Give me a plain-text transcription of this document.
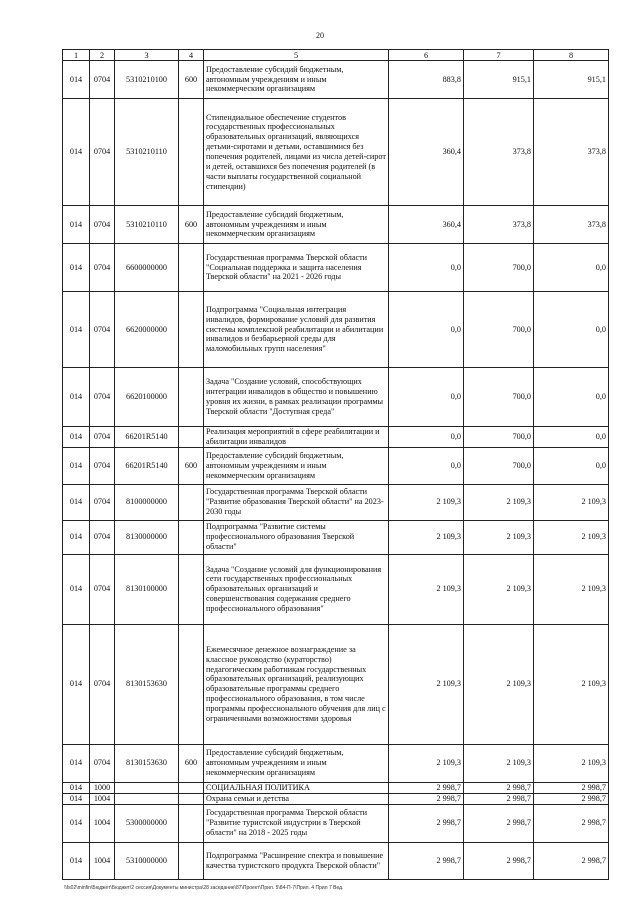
20
1	2	3	4	5	6	7	8
014	0704	5310210100	600	Предоставление субсидий бюджетным, автономным учреждениям и иным некоммерческим организациям	883,8	915,1	915,1
014	0704	5310210110		Стипендиальное обеспечение студентов государственных профессиональных образовательных организаций, являющихся детьми-сиротами и детьми, оставшимися без попечения родителей, лицами из числа детей-сирот и детей, оставшихся без попечения родителей (в части выплаты государственной социальной стипендии)	360,4	373,8	373,8
014	0704	5310210110	600	Предоставление субсидий бюджетным, автономным учреждениям и иным некоммерческим организациям	360,4	373,8	373,8
014	0704	6600000000		Государственная программа Тверской области "Социальная поддержка и защита населения Тверской области" на 2021 - 2026 годы	0,0	700,0	0,0
014	0704	6620000000		Подпрограмма "Социальная интеграция инвалидов, формирование условий для развития системы комплексной реабилитации и абилитации инвалидов и безбарьерной среды для маломобильных групп населения"	0,0	700,0	0,0
014	0704	6620100000		Задача "Создание условий, способствующих интеграции инвалидов в общество и повышению уровня их жизни, в рамках реализации программы Тверской области "Доступная среда"	0,0	700,0	0,0
014	0704	66201R5140		Реализация мероприятий в сфере реабилитации и абилитации инвалидов	0,0	700,0	0,0
014	0704	66201R5140	600	Предоставление субсидий бюджетным, автономным учреждениям и иным некоммерческим организациям	0,0	700,0	0,0
014	0704	8100000000		Государственная программа Тверской области "Развитие образования Тверской области" на 2023-2030 годы	2 109,3	2 109,3	2 109,3
014	0704	8130000000		Подпрограмма "Развитие системы профессионального образования Тверской области"	2 109,3	2 109,3	2 109,3
014	0704	8130100000		Задача "Создание условий для функционирования сети государственных профессиональных образовательных организаций и совершенствования содержания среднего профессионального образования"	2 109,3	2 109,3	2 109,3
014	0704	8130153630		Ежемесячное денежное вознаграждение за классное руководство (кураторство) педагогическим работникам государственных образовательных организаций, реализующих образовательные программы среднего профессионального образования, в том числе программы профессионального обучения для лиц с ограниченными возможностями здоровья	2 109,3	2 109,3	2 109,3
014	0704	8130153630	600	Предоставление субсидий бюджетным, автономным учреждениям и иным некоммерческим организациям	2 109,3	2 109,3	2 109,3
014	1000			СОЦИАЛЬНАЯ ПОЛИТИКА	2 998,7	2 998,7	2 998,7
014	1004			Охрана семьи и детства	2 998,7	2 998,7	2 998,7
014	1004	5300000000		Государственная программа Тверской области "Развитие туристской индустрии в Тверской области" на 2018 - 2025 годы	2 998,7	2 998,7	2 998,7
014	1004	5310000000		Подпрограмма "Расширение спектра и повышение качества туристского продукта Тверской области"	2 998,7	2 998,7	2 998,7
\\fs02\minfin\Бюджет\Бюджет\2 сессия\Документы министра\28 заседание\87\Проект\Прил. 5\84-П-7\Прил. 4 Прил 7 Вед.
